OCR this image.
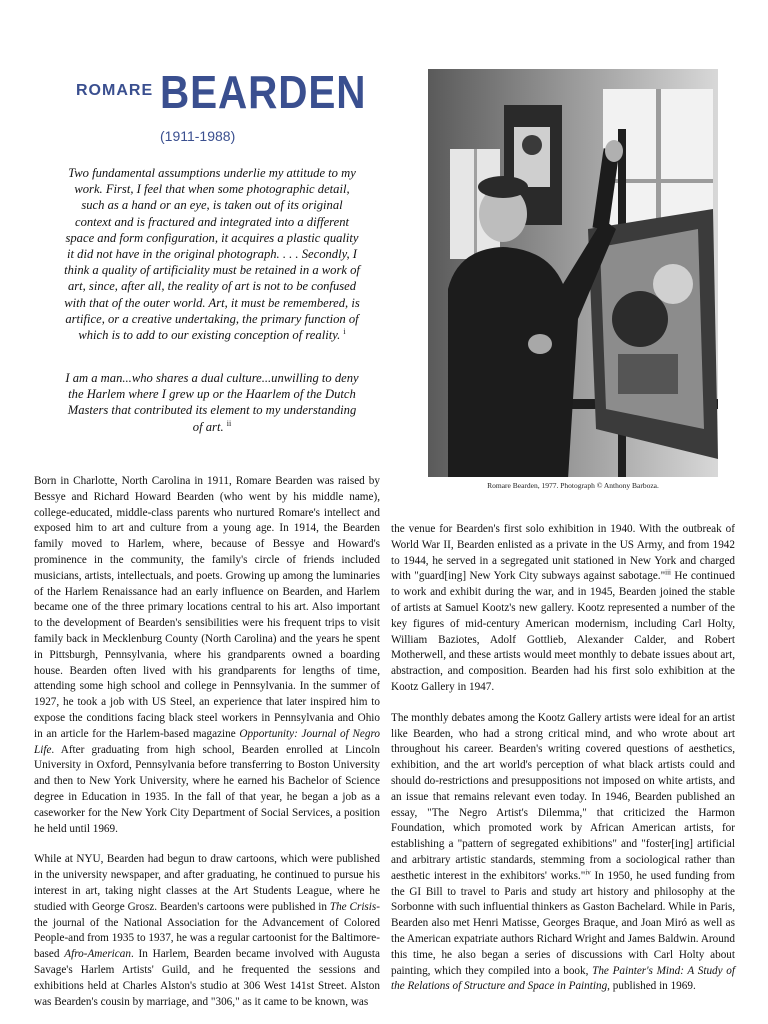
ROMARE BEARDEN
(1911-1988)
Two fundamental assumptions underlie my attitude to my work. First, I feel that when some photographic detail, such as a hand or an eye, is taken out of its original context and is fractured and integrated into a different space and form configuration, it acquires a plastic quality it did not have in the original photograph. . . . Secondly, I think a quality of artificiality must be retained in a work of art, since, after all, the reality of art is not to be confused with that of the outer world. Art, it must be remembered, is artifice, or a creative undertaking, the primary function of which is to add to our existing conception of reality. $^i$
I am a man...who shares a dual culture...unwilling to deny the Harlem where I grew up or the Haarlem of the Dutch Masters that contributed its element to my understanding of art. $^{ii}$
Romare Bearden, 1977. Photograph © Anthony Barboza.

Born in Charlotte, North Carolina in 1911, Romare Bearden was raised by Bessye and Richard Howard Bearden (who went by his middle name), college-educated, middle-class parents who nurtured Romare's intellect and exposed him to art and culture from a young age. In 1914, the Bearden family moved to Harlem, where, because of Bessye and Howard's prominence in the community, the family's circle of friends included musicians, artists, intellectuals, and poets. Growing up among the luminaries of the Harlem Renaissance had an early influence on Bearden, and Harlem became one of the three primary locations central to his art. Also important to the development of Bearden's sensibilities were his frequent trips to visit family back in Mecklenburg County (North Carolina) and the years he spent in Pittsburgh, Pennsylvania, where his grandparents owned a boarding house. Bearden often lived with his grandparents for lengths of time, attending some high school and college in Pennsylvania. In the summer of 1927, he took a job with US Steel, an experience that later inspired him to expose the conditions facing black steel workers in Pennsylvania and Ohio in an article for the Harlem-based magazine Opportunity: Journal of Negro Life. After graduating from high school, Bearden enrolled at Lincoln University in Oxford, Pennsylvania before transferring to Boston University and then to New York University, where he earned his Bachelor of Science degree in Education in 1935. In the fall of that year, he began a job as a caseworker for the New York City Department of Social Services, a position he held until 1969.

While at NYU, Bearden had begun to draw cartoons, which were published in the university newspaper, and after graduating, he continued to pursue his interest in art, taking night classes at the Art Students League, where he studied with George Grosz. Bearden's cartoons were published in The Crisis-the journal of the National Association for the Advancement of Colored People-and from 1935 to 1937, he was a regular cartoonist for the Baltimore-based Afro-American. In Harlem, Bearden became involved with Augusta Savage's Harlem Artists' Guild, and he frequented the sessions and exhibitions held at Charles Alston's studio at 306 West 141st Street. Alston was Bearden's cousin by marriage, and "306," as it came to be known, was

the venue for Bearden's first solo exhibition in 1940. With the outbreak of World War II, Bearden enlisted as a private in the US Army, and from 1942 to 1944, he served in a segregated unit stationed in New York and charged with "guard[ing] New York City subways against sabotage."$^{iii}$ He continued to work and exhibit during the war, and in 1945, Bearden joined the stable of artists at Samuel Kootz's new gallery. Kootz represented a number of the key figures of mid-century American modernism, including Carl Holty, William Baziotes, Adolf Gottlieb, Alexander Calder, and Robert Motherwell, and these artists would meet monthly to debate issues about art, abstraction, and composition. Bearden had his first solo exhibition at the Kootz Gallery in 1947.

The monthly debates among the Kootz Gallery artists were ideal for an artist like Bearden, who had a strong critical mind, and who wrote about art throughout his career. Bearden's writing covered questions of aesthetics, exhibition, and the art world's perception of what black artists could and should do-restrictions and presuppositions not imposed on white artists, and an issue that remains relevant even today. In 1946, Bearden published an essay, "The Negro Artist's Dilemma," that criticized the Harmon Foundation, which promoted work by African American artists, for establishing a "pattern of segregated exhibitions" and "foster[ing] artificial and arbitrary artistic standards, stemming from a sociological rather than aesthetic interest in the exhibitors' works."$^{iv}$ In 1950, he used funding from the GI Bill to travel to Paris and study art history and philosophy at the Sorbonne with such influential thinkers as Gaston Bachelard. While in Paris, Bearden also met Henri Matisse, Georges Braque, and Joan Miró as well as the American expatriate authors Richard Wright and James Baldwin. Around this time, he also began a series of discussions with Carl Holty about painting, which they compiled into a book, The Painter's Mind: A Study of the Relations of Structure and Space in Painting, published in 1969.
